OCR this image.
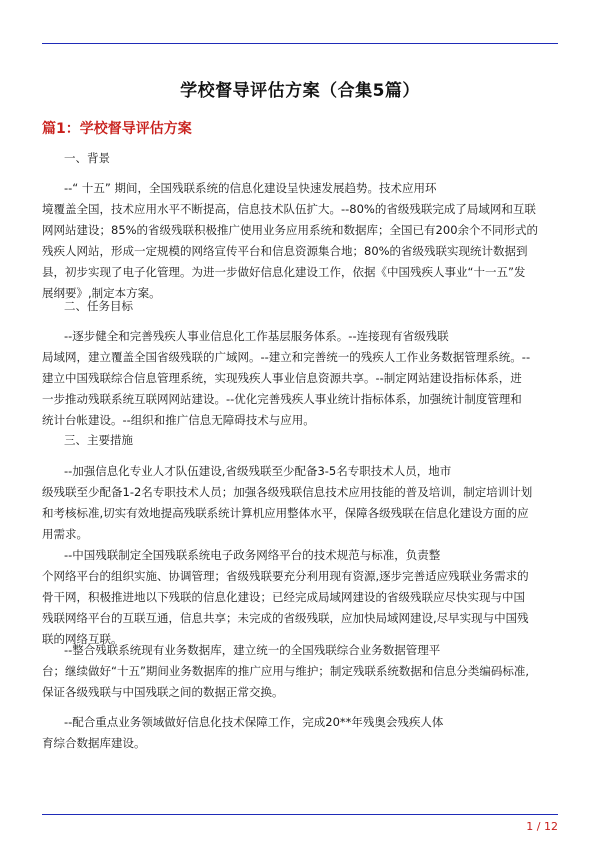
学校督导评估方案（合集5篇）
篇1：学校督导评估方案
一、背景
--“ 十五” 期间，全国残联系统的信息化建设呈快速发展趋势。技术应用环
境覆盖全国，技术应用水平不断提高，信息技术队伍扩大。--80%的省级残联完成了局域网和互联
网网站建设；85%的省级残联积极推广使用业务应用系统和数据库；全国已有200余个不同形式的
残疾人网站，形成一定规模的网络宣传平台和信息资源集合地；80%的省级残联实现统计数据到
县，初步实现了电子化管理。为进一步做好信息化建设工作，依据《中国残疾人事业“十一五”发
展纲要》,制定本方案。
二、任务目标
--逐步健全和完善残疾人事业信息化工作基层服务体系。--连接现有省级残联
局域网，建立覆盖全国省级残联的广域网。--建立和完善统一的残疾人工作业务数据管理系统。--
建立中国残联综合信息管理系统，实现残疾人事业信息资源共享。--制定网站建设指标体系，进
一步推动残联系统互联网网站建设。--优化完善残疾人事业统计指标体系，加强统计制度管理和
统计台帐建设。--组织和推广信息无障碍技术与应用。
三、主要措施
--加强信息化专业人才队伍建设,省级残联至少配备3-5名专职技术人员，地市
级残联至少配备1-2名专职技术人员；加强各级残联信息技术应用技能的普及培训，制定培训计划
和考核标准,切实有效地提高残联系统计算机应用整体水平，保障各级残联在信息化建设方面的应
用需求。
--中国残联制定全国残联系统电子政务网络平台的技术规范与标准，负责整
个网络平台的组织实施、协调管理；省级残联要充分利用现有资源,逐步完善适应残联业务需求的
骨干网，积极推进地以下残联的信息化建设；已经完成局域网建设的省级残联应尽快实现与中国
残联网络平台的互联互通，信息共享；未完成的省级残联，应加快局域网建设,尽早实现与中国残
联的网络互联。
--整合残联系统现有业务数据库，建立统一的全国残联综合业务数据管理平
台；继续做好“十五”期间业务数据库的推广应用与维护；制定残联系统数据和信息分类编码标准,
保证各级残联与中国残联之间的数据正常交换。
--配合重点业务领域做好信息化技术保障工作，完成20**年残奥会残疾人体
育综合数据库建设。
1 / 12
